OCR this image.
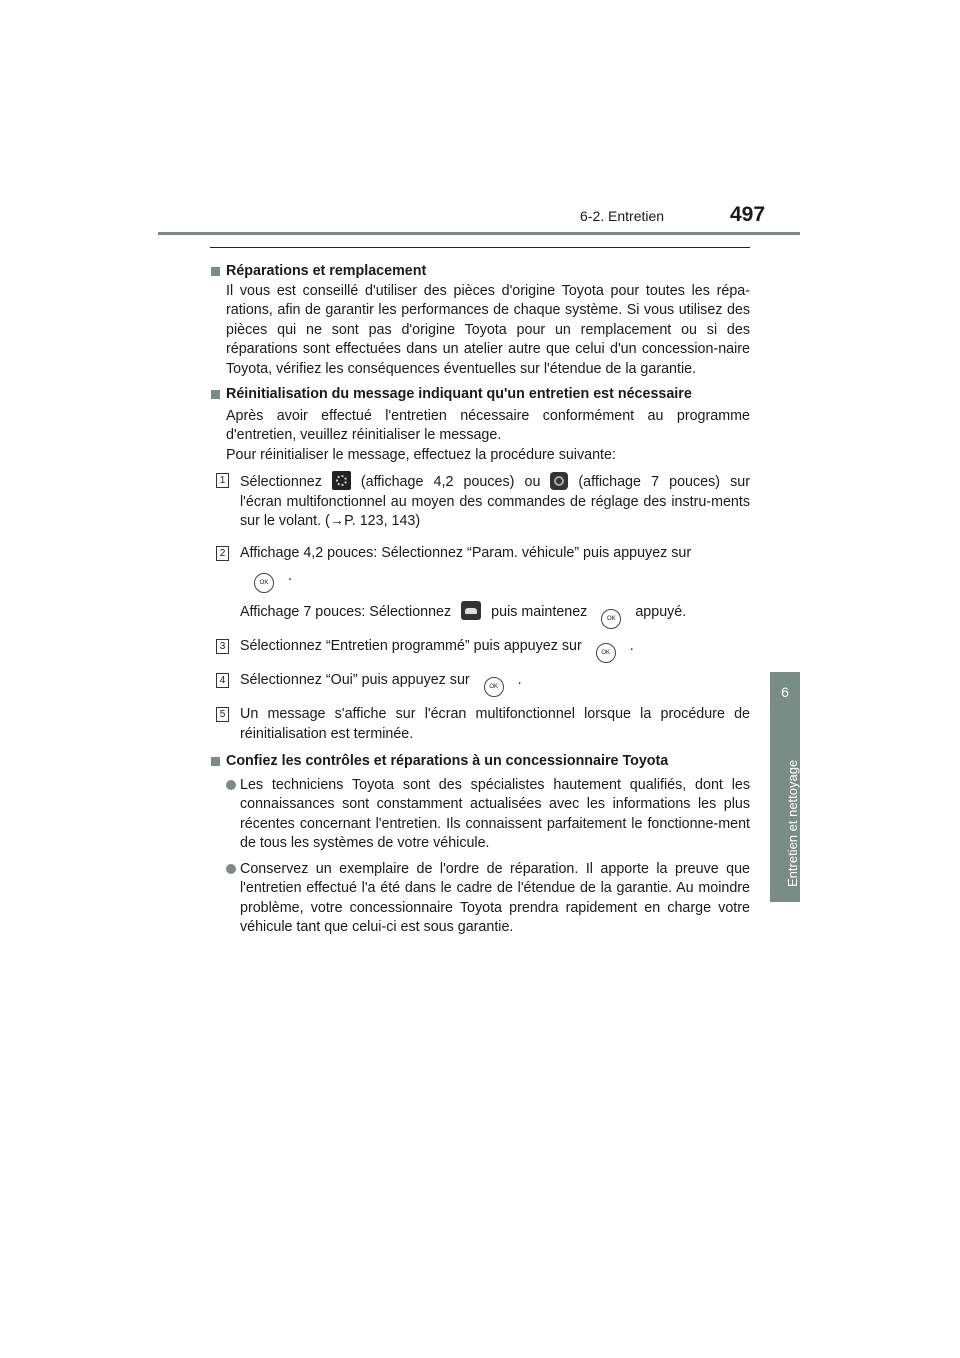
6-2. Entretien	497
6
Entretien et nettoyage
Réparations et remplacement
Il vous est conseillé d'utiliser des pièces d'origine Toyota pour toutes les répa-rations, afin de garantir les performances de chaque système. Si vous utilisez des pièces qui ne sont pas d'origine Toyota pour un remplacement ou si des réparations sont effectuées dans un atelier autre que celui d'un concession-naire Toyota, vérifiez les conséquences éventuelles sur l'étendue de la garantie.
Réinitialisation du message indiquant qu'un entretien est nécessaire
Après avoir effectué l'entretien nécessaire conformément au programme d'entretien, veuillez réinitialiser le message.
Pour réinitialiser le message, effectuez la procédure suivante:
1 Sélectionnez	(affichage 4,2 pouces) ou	(affichage 7 pouces) sur l'écran multifonctionnel au moyen des commandes de réglage des instru-ments sur le volant. (→P. 123, 143)
2 Affichage 4,2 pouces: Sélectionnez “Param. véhicule” puis appuyez sur
OK .
Affichage 7 pouces: Sélectionnez	puis maintenez	OK appuyé.
3 Sélectionnez “Entretien programmé” puis appuyez sur	OK .
4 Sélectionnez “Oui” puis appuyez sur	OK .
5 Un message s'affiche sur l'écran multifonctionnel lorsque la procédure de réinitialisation est terminée.
Confiez les contrôles et réparations à un concessionnaire Toyota
Les techniciens Toyota sont des spécialistes hautement qualifiés, dont les connaissances sont constamment actualisées avec les informations les plus récentes concernant l'entretien. Ils connaissent parfaitement le fonctionne-ment de tous les systèmes de votre véhicule.
Conservez un exemplaire de l'ordre de réparation. Il apporte la preuve que l'entretien effectué l'a été dans le cadre de l'étendue de la garantie. Au moindre problème, votre concessionnaire Toyota prendra rapidement en charge votre véhicule tant que celui-ci est sous garantie.
